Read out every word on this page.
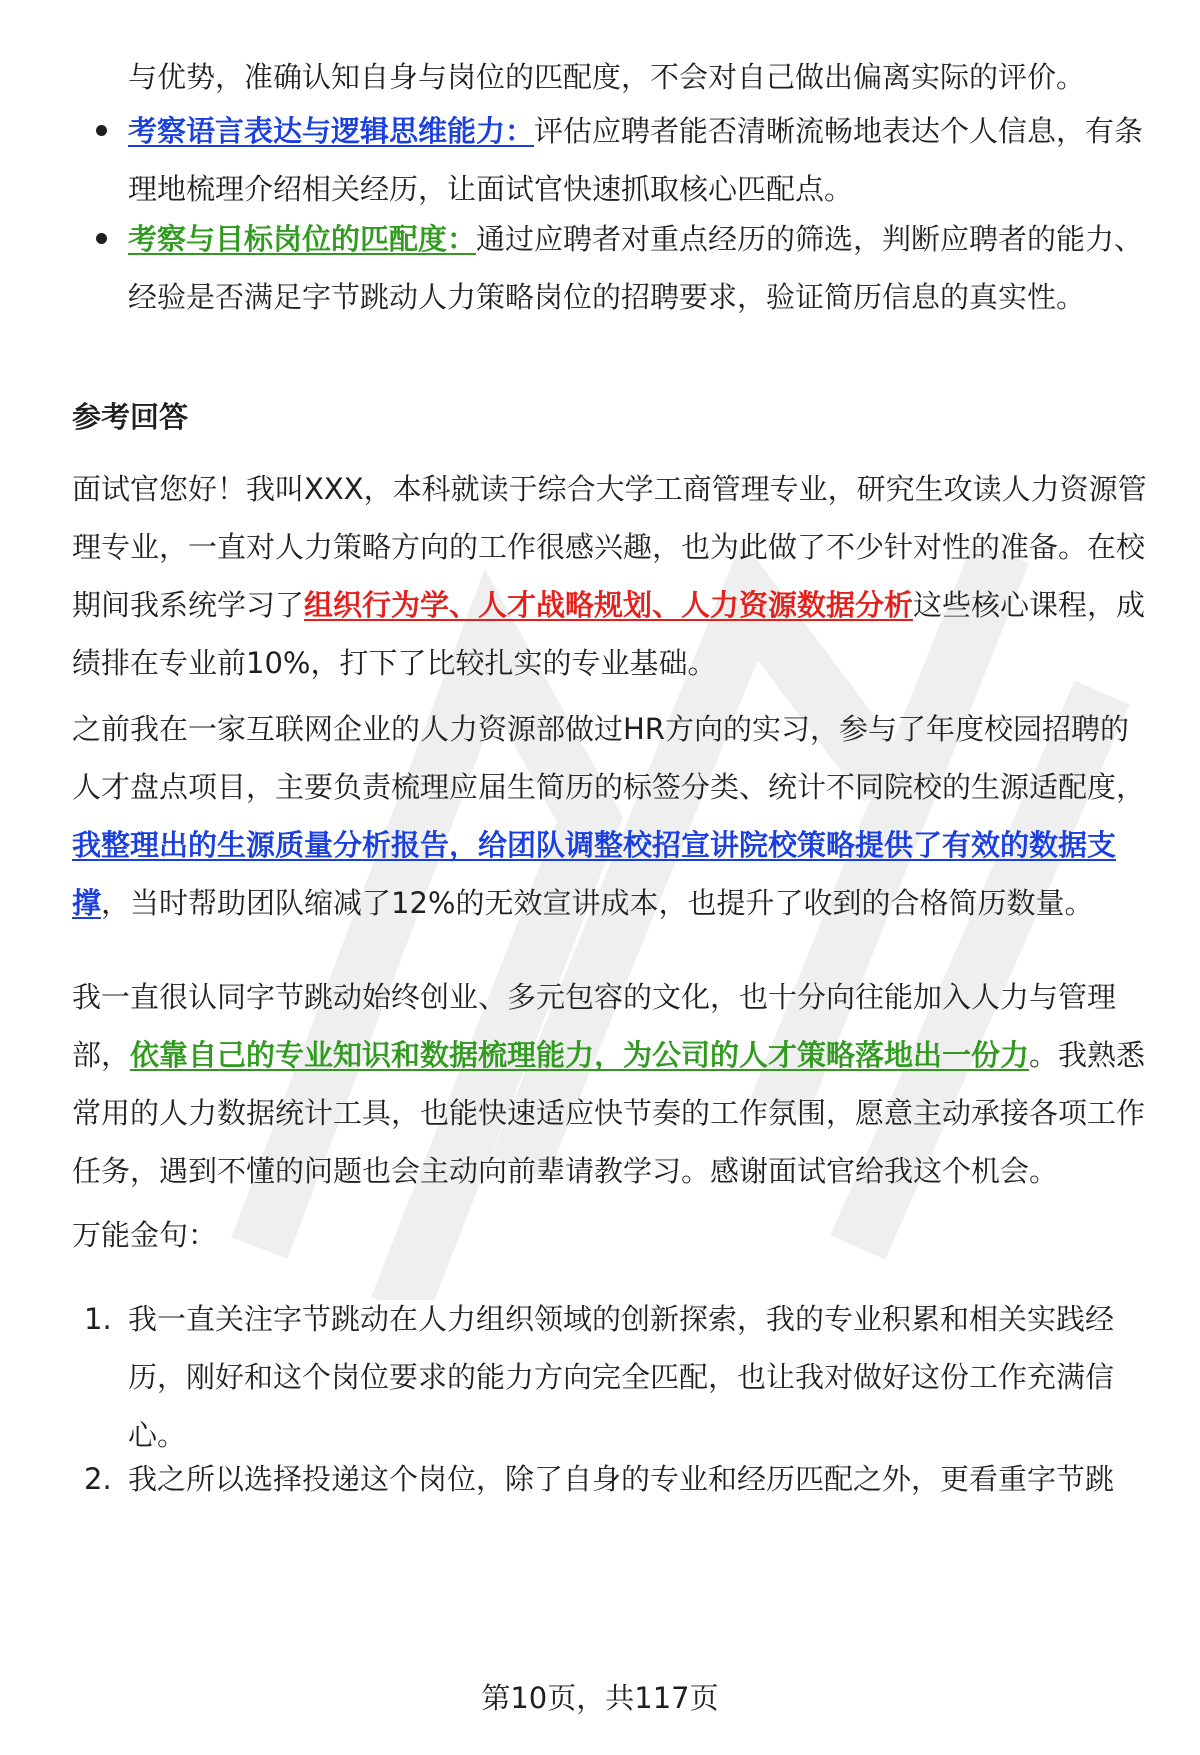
与优势，准确认知自身与岗位的匹配度，不会对自己做出偏离实际的评价。

考察语言表达与逻辑思维能力：评估应聘者能否清晰流畅地表达个人信息，有条理地梳理介绍相关经历，让面试官快速抓取核心匹配点。

考察与目标岗位的匹配度：通过应聘者对重点经历的筛选，判断应聘者的能力、经验是否满足字节跳动人力策略岗位的招聘要求，验证简历信息的真实性。

参考回答

面试官您好！我叫XXX，本科就读于综合大学工商管理专业，研究生攻读人力资源管理专业，一直对人力策略方向的工作很感兴趣，也为此做了不少针对性的准备。在校期间我系统学习了组织行为学、人才战略规划、人力资源数据分析这些核心课程，成绩排在专业前10%，打下了比较扎实的专业基础。

之前我在一家互联网企业的人力资源部做过HR方向的实习，参与了年度校园招聘的人才盘点项目，主要负责梳理应届生简历的标签分类、统计不同院校的生源适配度，我整理出的生源质量分析报告，给团队调整校招宣讲院校策略提供了有效的数据支撑，当时帮助团队缩减了12%的无效宣讲成本，也提升了收到的合格简历数量。

我一直很认同字节跳动始终创业、多元包容的文化，也十分向往能加入人力与管理部，依靠自己的专业知识和数据梳理能力，为公司的人才策略落地出一份力。我熟悉常用的人力数据统计工具，也能快速适应快节奏的工作氛围，愿意主动承接各项工作任务，遇到不懂的问题也会主动向前辈请教学习。感谢面试官给我这个机会。

万能金句：

1. 我一直关注字节跳动在人力组织领域的创新探索，我的专业积累和相关实践经历，刚好和这个岗位要求的能力方向完全匹配，也让我对做好这份工作充满信心。

2. 我之所以选择投递这个岗位，除了自身的专业和经历匹配之外，更看重字节跳

第10页，共117页
